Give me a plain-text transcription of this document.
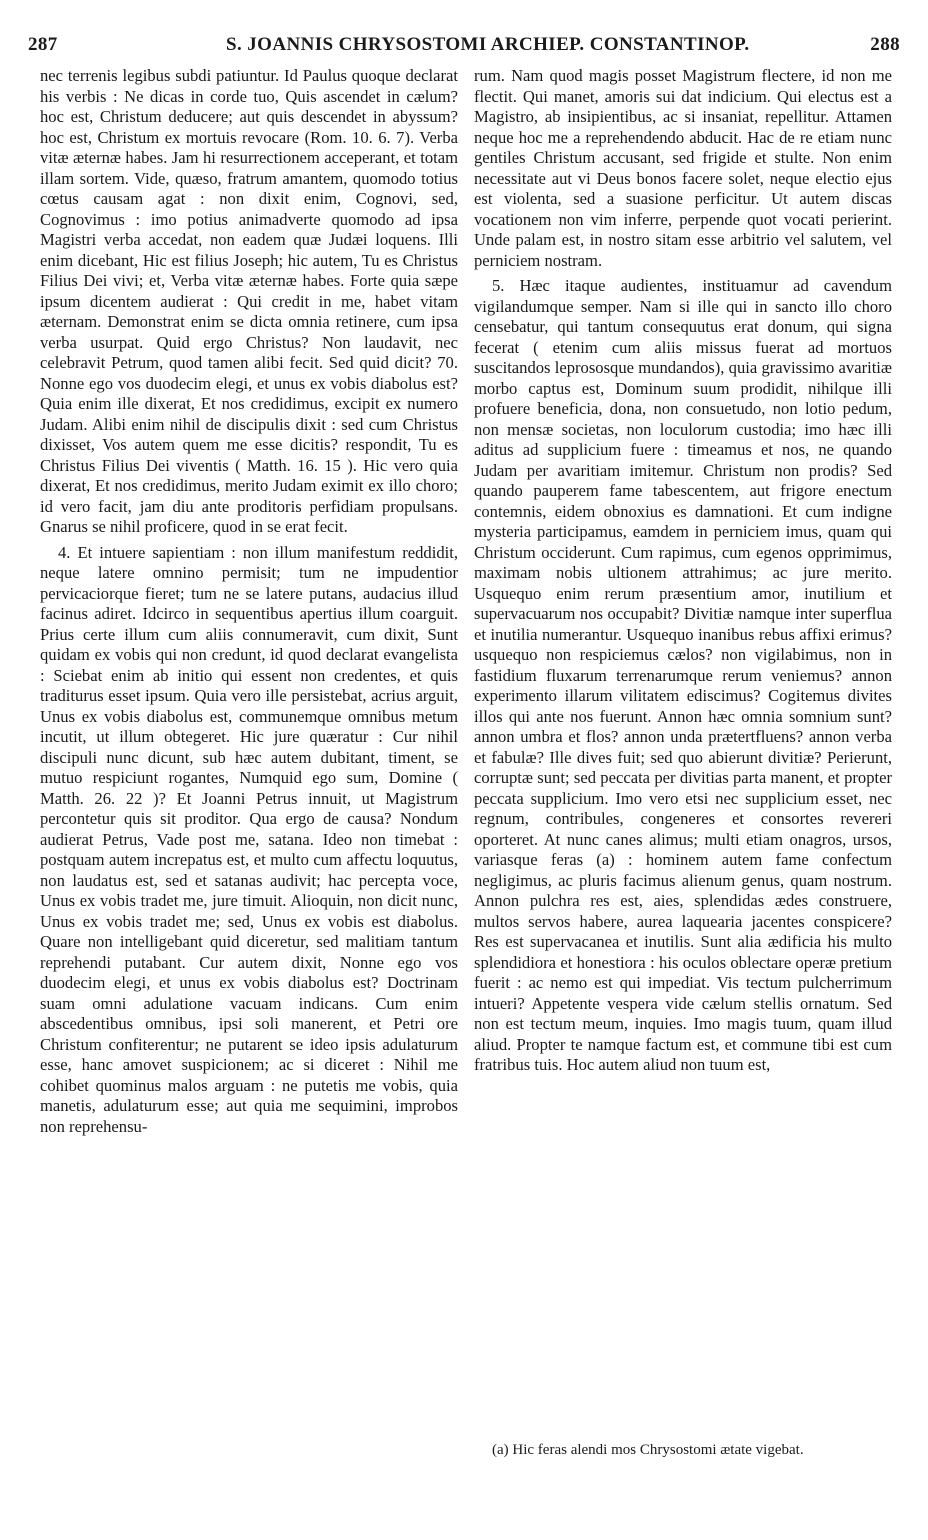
287	S. JOANNIS CHRYSOSTOMI ARCHIEP. CONSTANTINOP.	288

nec terrenis legibus subdi patiuntur. Id Paulus quoque declarat his verbis : Ne dicas in corde tuo, Quis ascendet in cælum? hoc est, Christum deducere; aut quis descendet in abyssum? hoc est, Christum ex mortuis revocare (Rom. 10. 6. 7). Verba vitæ æternæ habes. Jam hi resurrectionem acceperant, et totam illam sortem. Vide, quæso, fratrum amantem, quomodo totius cœtus causam agat : non dixit enim, Cognovi, sed, Cognovimus : imo potius animadverte quomodo ad ipsa Magistri verba accedat, non eadem quæ Judæi loquens. Illi enim dicebant, Hic est filius Joseph; hic autem, Tu es Christus Filius Dei vivi; et, Verba vitæ æternæ habes. Forte quia sæpe ipsum dicentem audierat : Qui credit in me, habet vitam æternam. Demonstrat enim se dicta omnia retinere, cum ipsa verba usurpat. Quid ergo Christus? Non laudavit, nec celebravit Petrum, quod tamen alibi fecit. Sed quid dicit? 70. Nonne ego vos duodecim elegi, et unus ex vobis diabolus est? Quia enim ille dixerat, Et nos credidimus, excipit ex numero Judam. Alibi enim nihil de discipulis dixit : sed cum Christus dixisset, Vos autem quem me esse dicitis? respondit, Tu es Christus Filius Dei viventis ( Matth. 16. 15 ). Hic vero quia dixerat, Et nos credidimus, merito Judam eximit ex illo choro; id vero facit, jam diu ante proditoris perfidiam propulsans. Gnarus se nihil proficere, quod in se erat fecit.

4. Et intuere sapientiam : non illum manifestum reddidit, neque latere omnino permisit; tum ne impudentior pervicaciorque fieret; tum ne se latere putans, audacius illud facinus adiret. Idcirco in sequentibus apertius illum coarguit. Prius certe illum cum aliis connumeravit, cum dixit, Sunt quidam ex vobis qui non credunt, id quod declarat evangelista : Sciebat enim ab initio qui essent non credentes, et quis traditurus esset ipsum. Quia vero ille persistebat, acrius arguit, Unus ex vobis diabolus est, communemque omnibus metum incutit, ut illum obtegeret. Hic jure quæratur : Cur nihil discipuli nunc dicunt, sub hæc autem dubitant, timent, se mutuo respiciunt rogantes, Numquid ego sum, Domine ( Matth. 26. 22 )? Et Joanni Petrus innuit, ut Magistrum percontetur quis sit proditor. Qua ergo de causa? Nondum audierat Petrus, Vade post me, satana. Ideo non timebat : postquam autem increpatus est, et multo cum affectu loquutus, non laudatus est, sed et satanas audivit; hac percepta voce, Unus ex vobis tradet me, jure timuit. Alioquin, non dicit nunc, Unus ex vobis tradet me; sed, Unus ex vobis est diabolus. Quare non intelligebant quid diceretur, sed malitiam tantum reprehendi putabant. Cur autem dixit, Nonne ego vos duodecim elegi, et unus ex vobis diabolus est? Doctrinam suam omni adulatione vacuam indicans. Cum enim abscedentibus omnibus, ipsi soli manerent, et Petri ore Christum confiterentur; ne putarent se ideo ipsis adulaturum esse, hanc amovet suspicionem; ac si diceret : Nihil me cohibet quominus malos arguam : ne putetis me vobis, quia manetis, adulaturum esse; aut quia me sequimini, improbos non reprehensu-

rum. Nam quod magis posset Magistrum flectere, id non me flectit. Qui manet, amoris sui dat indicium. Qui electus est a Magistro, ab insipientibus, ac si insaniat, repellitur. Attamen neque hoc me a reprehendendo abducit. Hac de re etiam nunc gentiles Christum accusant, sed frigide et stulte. Non enim necessitate aut vi Deus bonos facere solet, neque electio ejus est violenta, sed a suasione perficitur. Ut autem discas vocationem non vim inferre, perpende quot vocati perierint. Unde palam est, in nostro sitam esse arbitrio vel salutem, vel perniciem nostram.

5. Hæc itaque audientes, instituamur ad cavendum vigilandumque semper. Nam si ille qui in sancto illo choro censebatur, qui tantum consequutus erat donum, qui signa fecerat ( etenim cum aliis missus fuerat ad mortuos suscitandos leprososque mundandos), quia gravissimo avaritiæ morbo captus est, Dominum suum prodidit, nihilque illi profuere beneficia, dona, non consuetudo, non lotio pedum, non mensæ societas, non loculorum custodia; imo hæc illi aditus ad supplicium fuere : timeamus et nos, ne quando Judam per avaritiam imitemur. Christum non prodis? Sed quando pauperem fame tabescentem, aut frigore enectum contemnis, eidem obnoxius es damnationi. Et cum indigne mysteria participamus, eamdem in perniciem imus, quam qui Christum occiderunt. Cum rapimus, cum egenos opprimimus, maximam nobis ultionem attrahimus; ac jure merito. Usquequo enim rerum præsentium amor, inutilium et supervacuarum nos occupabit? Divitiæ namque inter superflua et inutilia numerantur. Usquequo inanibus rebus affixi erimus? usquequo non respiciemus cælos? non vigilabimus, non in fastidium fluxarum terrenarumque rerum veniemus? annon experimento illarum vilitatem ediscimus? Cogitemus divites illos qui ante nos fuerunt. Annon hæc omnia somnium sunt? annon umbra et flos? annon unda prætertfluens? annon verba et fabulæ? Ille dives fuit; sed quo abierunt divitiæ? Perierunt, corruptæ sunt; sed peccata per divitias parta manent, et propter peccata supplicium. Imo vero etsi nec supplicium esset, nec regnum, contribules, congeneres et consortes revereri oporteret. At nunc canes alimus; multi etiam onagros, ursos, variasque feras (a) : hominem autem fame confectum negligimus, ac pluris facimus alienum genus, quam nostrum. Annon pulchra res est, aies, splendidas ædes construere, multos servos habere, aurea laquearia jacentes conspicere? Res est supervacanea et inutilis. Sunt alia ædificia his multo splendidiora et honestiora : his oculos oblectare operæ pretium fuerit : ac nemo est qui impediat. Vis tectum pulcherrimum intueri? Appetente vespera vide cælum stellis ornatum. Sed non est tectum meum, inquies. Imo magis tuum, quam illud aliud. Propter te namque factum est, et commune tibi est cum fratribus tuis. Hoc autem aliud non tuum est,

(a) Hic feras alendi mos Chrysostomi ætate vigebat.
